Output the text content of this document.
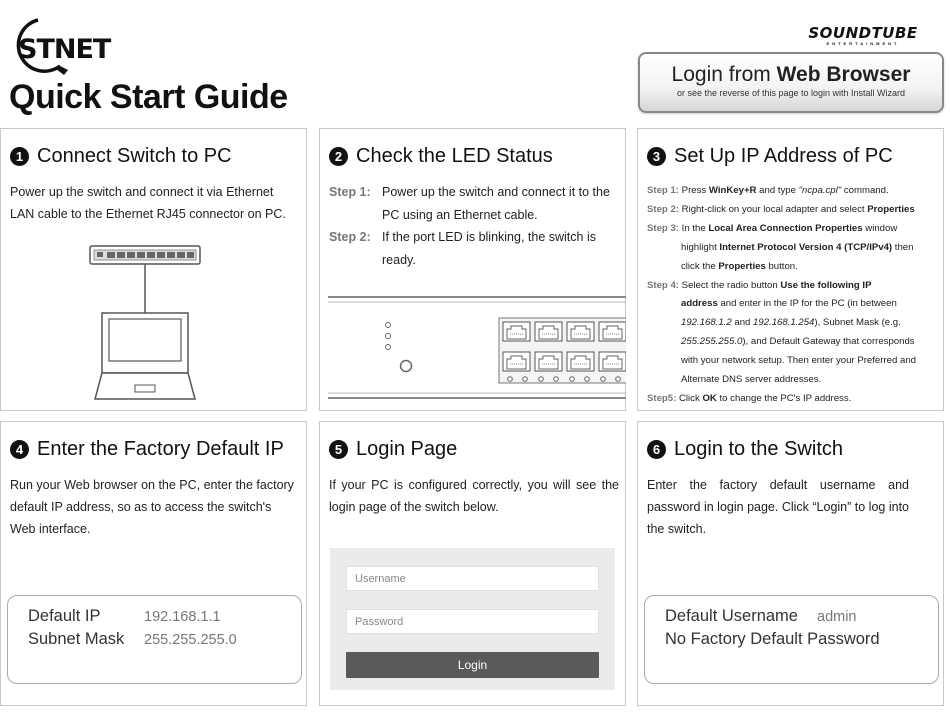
STNET
Quick Start Guide
SOUNDTUBE
ENTERTAINMENT
Login from Web Browser
or see the reverse of this page to login with Install Wizard
1 Connect Switch to PC
Power up the switch and connect it via Ethernet LAN cable to the Ethernet RJ45 connector on PC.
2 Check the LED Status
Step 1: Power up the switch and connect it to the PC using an Ethernet cable.
Step 2: If the port LED is blinking, the switch is ready.
3 Set Up IP Address of PC
Step 1: Press WinKey+R and type "ncpa.cpl" command.
Step 2: Right-click on your local adapter and select Properties
Step 3: In the Local Area Connection Properties window
highlight Internet Protocol Version 4 (TCP/IPv4) then
click the Properties button.
Step 4: Select the radio button Use the following IP
address and enter in the IP for the PC (in between
192.168.1.2 and 192.168.1.254), Subnet Mask (e.g.
255.255.255.0), and Default Gateway that corresponds
with your network setup. Then enter your Preferred and
Alternate DNS server addresses.
Step5: Click OK to change the PC's IP address.
4 Enter the Factory Default IP
Run your Web browser on the PC, enter the factory default IP address, so as to access the switch's Web interface.
Default IP	192.168.1.1
Subnet Mask 255.255.255.0
5 Login Page
If your PC is configured correctly, you will see the login page of the switch below.
Username
Password
Login
6 Login to the Switch
Enter the factory default username and password in login page. Click “Login” to log into the switch.
Default Username admin
No Factory Default Password
